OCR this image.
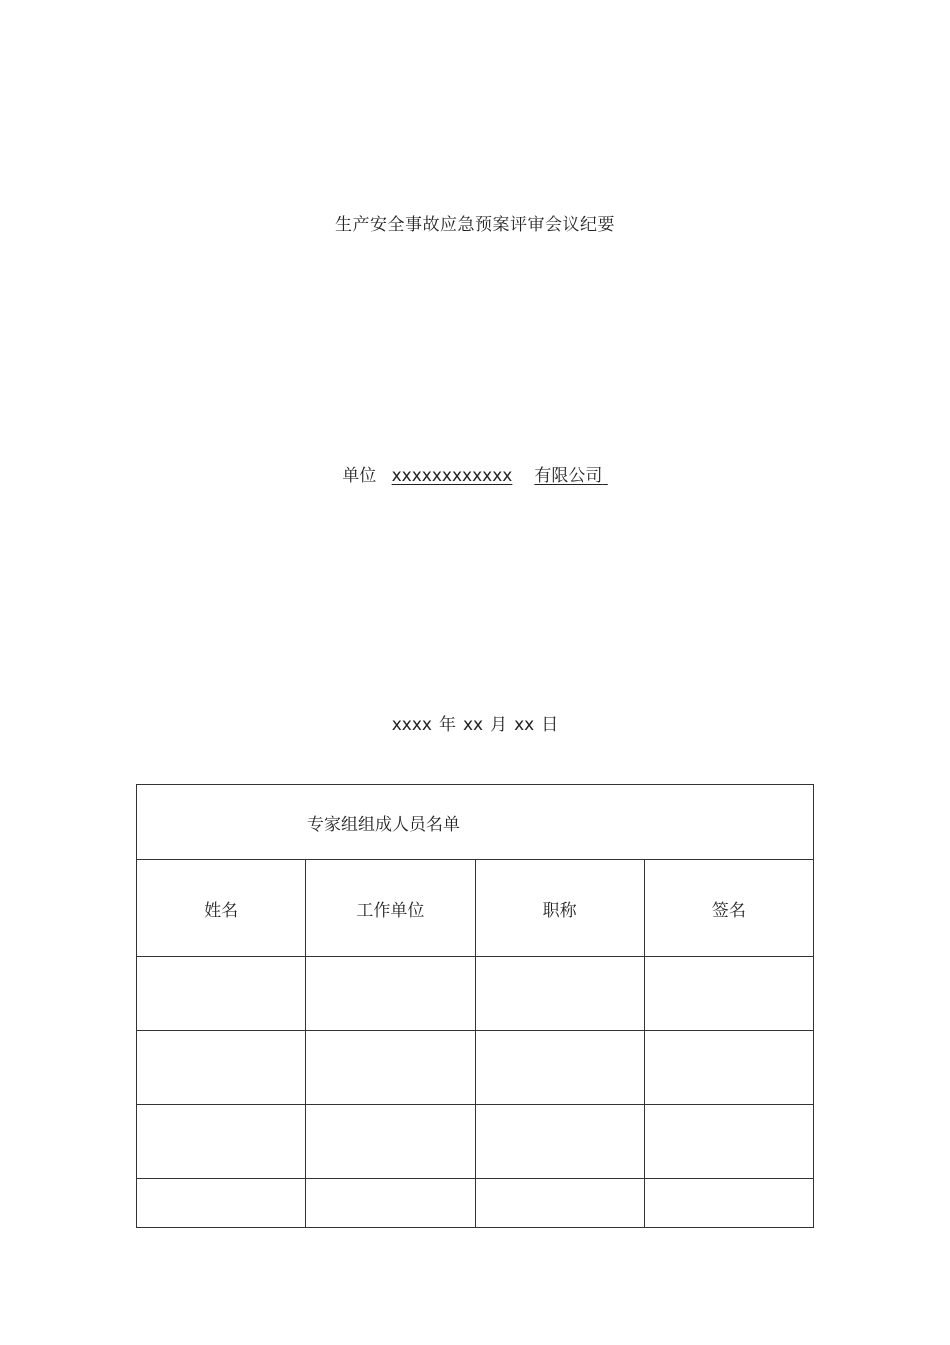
生产安全事故应急预案评审会议纪要
单位 xxxxxxxxxxxx 有限公司
xxxx 年 xx 月 xx 日
专家组组成人员名单			
姓名	工作单位	职称	签名
